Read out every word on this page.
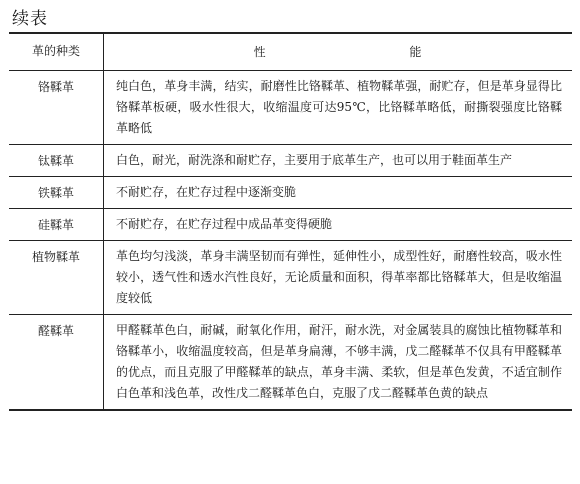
续表
革的种类	性 能
铬鞣革	纯白色，革身丰满，结实，耐磨性比铬鞣革、植物鞣革强，耐贮存，但是革身显得比铬鞣革板硬，吸水性很大，收缩温度可达95℃，比铬鞣革略低，耐撕裂强度比铬鞣革略低
钛鞣革	白色，耐光，耐洗涤和耐贮存，主要用于底革生产，也可以用于鞋面革生产
铁鞣革	不耐贮存，在贮存过程中逐渐变脆
硅鞣革	不耐贮存，在贮存过程中成品革变得硬脆
植物鞣革	革色均匀浅淡，革身丰满坚韧而有弹性，延伸性小，成型性好，耐磨性较高，吸水性较小，透气性和透水汽性良好，无论质量和面积，得革率都比铬鞣革大，但是收缩温度较低
醛鞣革	甲醛鞣革色白，耐碱，耐氧化作用，耐汗，耐水洗，对金属装具的腐蚀比植物鞣革和铬鞣革小，收缩温度较高，但是革身扁薄，不够丰满，戊二醛鞣革不仅具有甲醛鞣革的优点，而且克服了甲醛鞣革的缺点，革身丰满、柔软，但是革色发黄，不适宜制作白色革和浅色革，改性戊二醛鞣革色白，克服了戊二醛鞣革色黄的缺点
